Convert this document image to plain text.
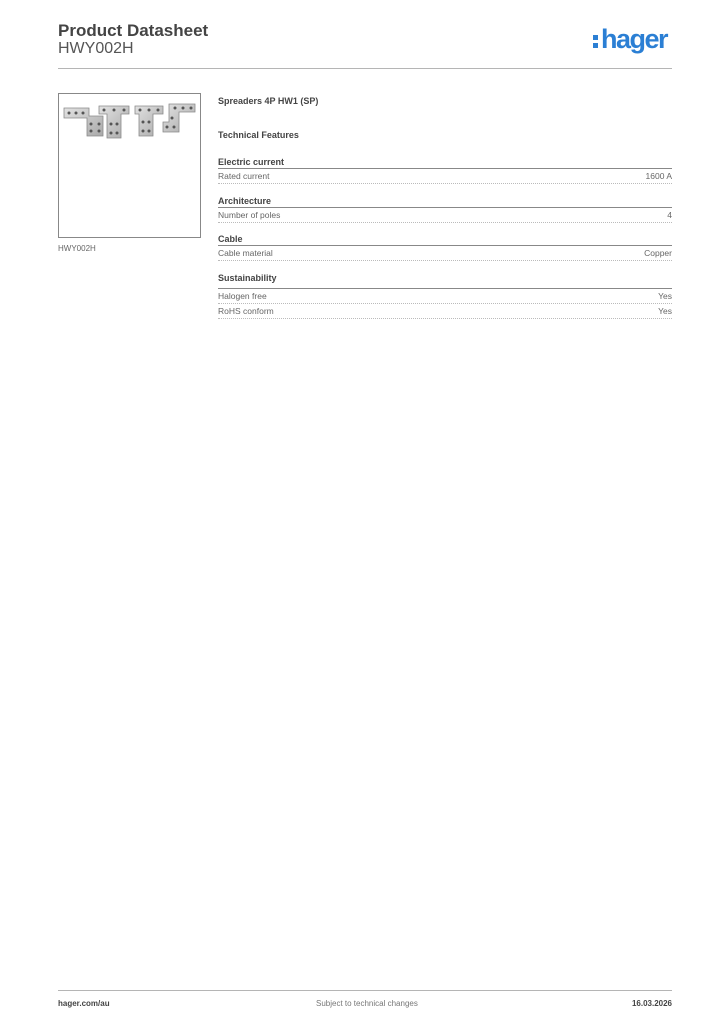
Product Datasheet
HWY002H	hager
HWY002H
Spreaders 4P HW1 (SP)
Technical Features
Electric current
Rated current	1600 A
Architecture
Number of poles	4
Cable
Cable material	Copper
Sustainability
Halogen free	Yes
RoHS conform	Yes
hager.com/au	Subject to technical changes	16.03.2026
